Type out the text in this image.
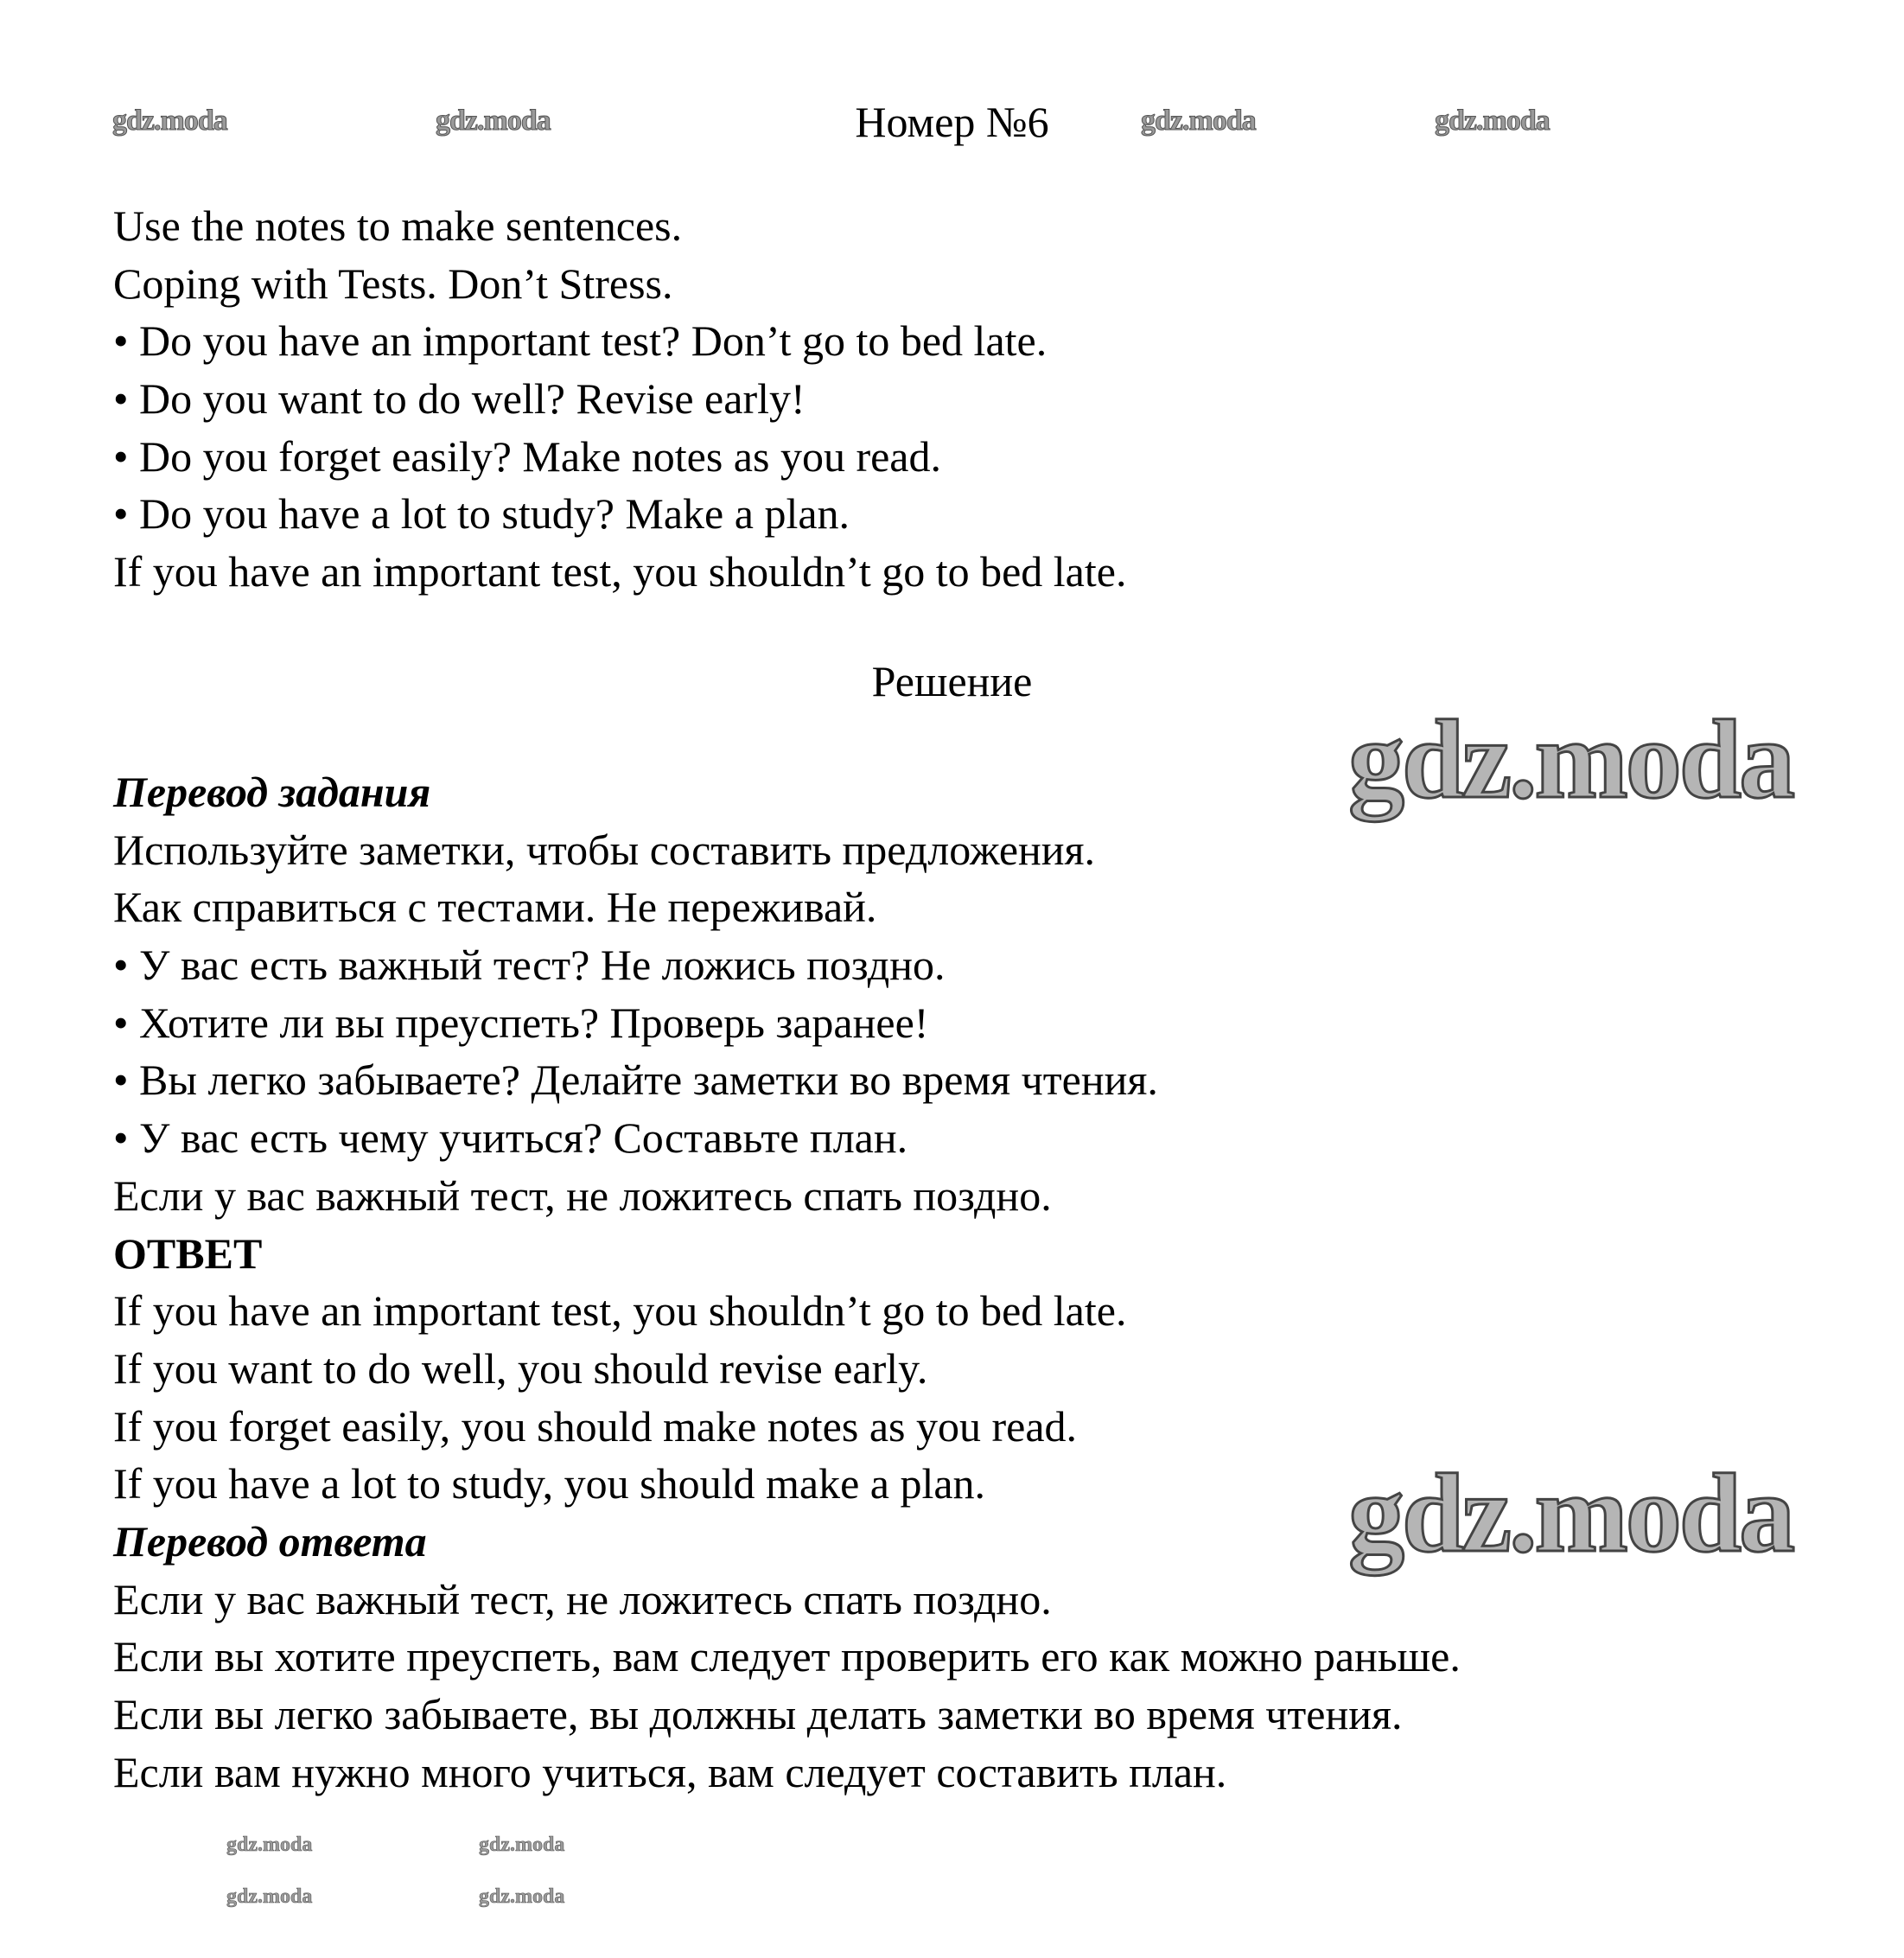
gdz.moda	gdz.moda	gdz.moda	gdz.moda
Номер №6
Use the notes to make sentences.
Coping with Tests. Don’t Stress.
• Do you have an important test? Don’t go to bed late.
• Do you want to do well? Revise early!
• Do you forget easily? Make notes as you read.
• Do you have a lot to study? Make a plan.
If you have an important test, you shouldn’t go to bed late.
Решение
gdz.moda
Перевод задания
Используйте заметки, чтобы составить предложения.
Как справиться с тестами. Не переживай.
• У вас есть важный тест? Не ложись поздно.
• Хотите ли вы преуспеть? Проверь заранее!
• Вы легко забываете? Делайте заметки во время чтения.
• У вас есть чему учиться? Составьте план.
Если у вас важный тест, не ложитесь спать поздно.
ОТВЕТ
If you have an important test, you shouldn’t go to bed late.
If you want to do well, you should revise early.
If you forget easily, you should make notes as you read.
If you have a lot to study, you should make a plan.
Перевод ответа
Если у вас важный тест, не ложитесь спать поздно.
Если вы хотите преуспеть, вам следует проверить его как можно раньше.
Если вы легко забываете, вы должны делать заметки во время чтения.
Если вам нужно много учиться, вам следует составить план.
gdz.moda
gdz.moda	gdz.moda
gdz.moda	gdz.moda
